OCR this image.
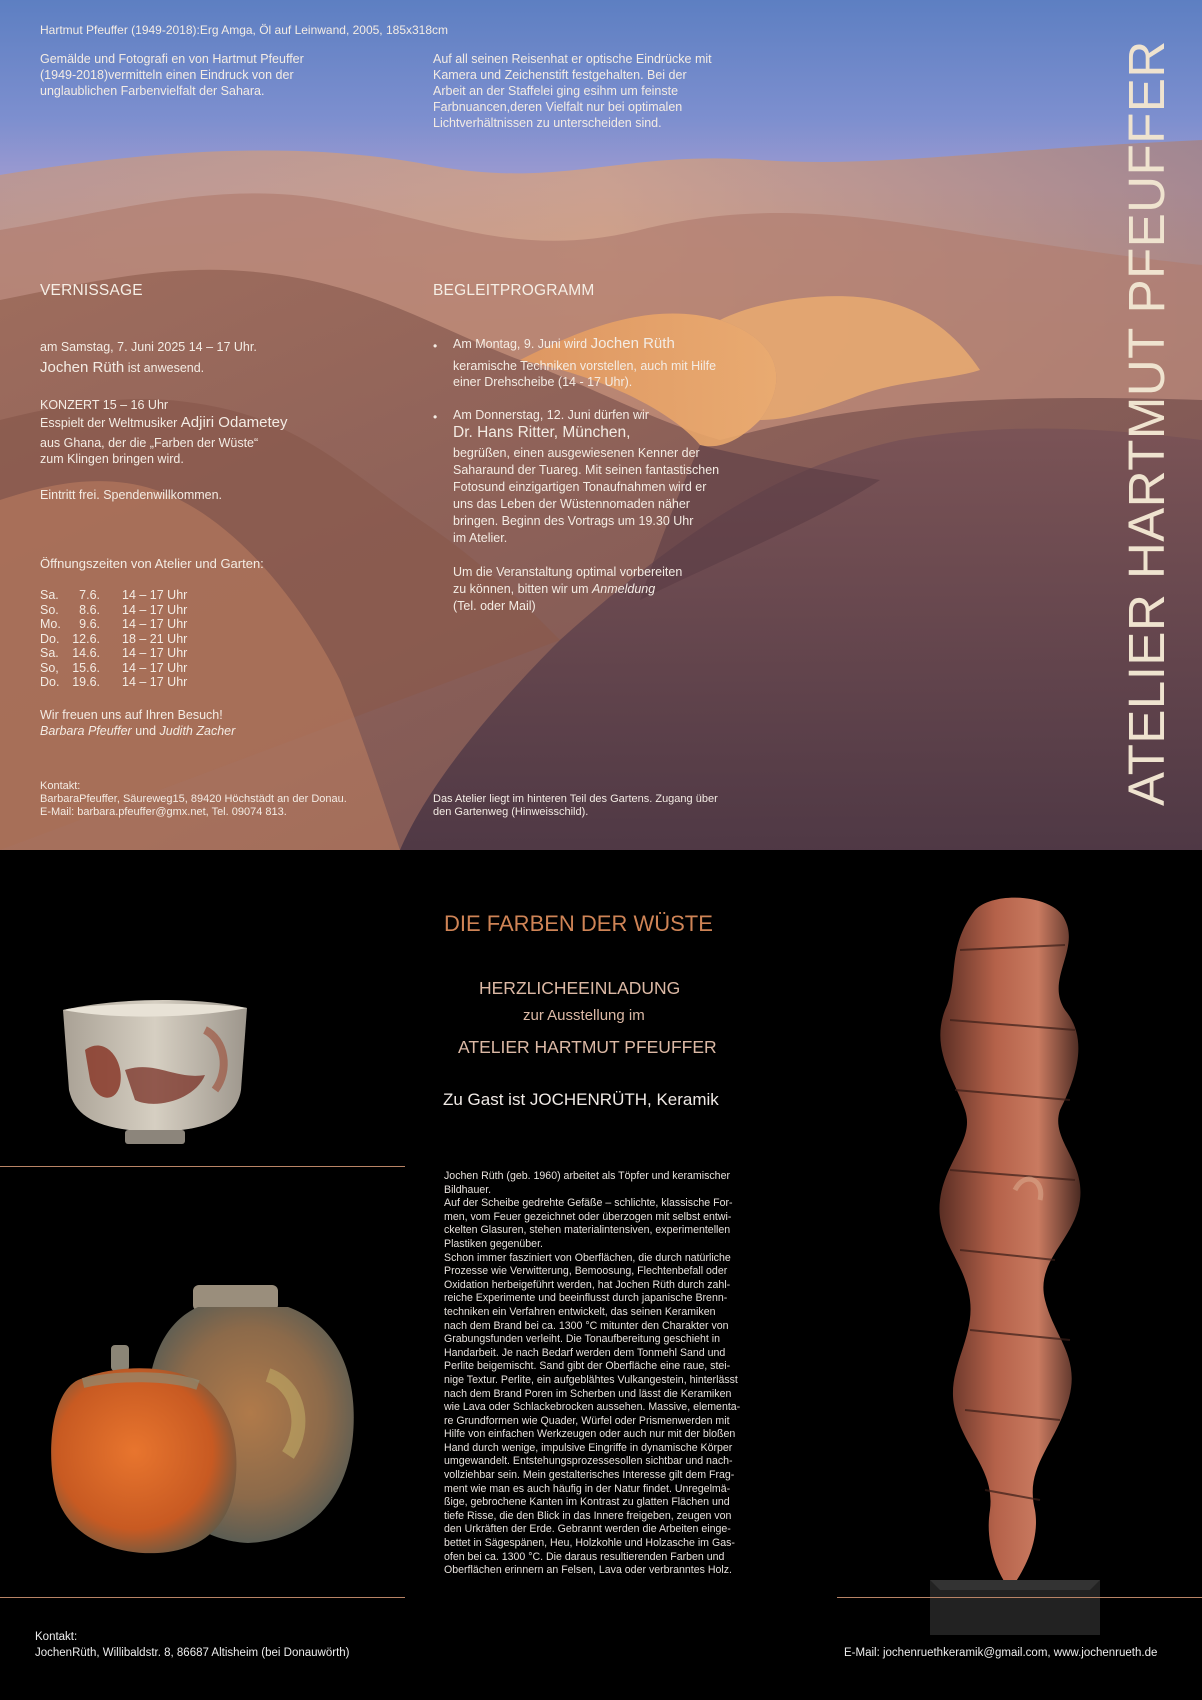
Hartmut Pfeuffer (1949-2018):Erg Amga, Öl auf Leinwand, 2005, 185x318cm
Gemälde und Fotografi en von Hartmut Pfeuffer
(1949-2018)vermitteln einen Eindruck von der
unglaublichen Farbenvielfalt der Sahara.
Auf all seinen Reisenhat er optische Eindrücke mit
Kamera und Zeichenstift festgehalten. Bei der
Arbeit an der Staffelei ging esihm um feinste
Farbnuancen,deren Vielfalt nur bei optimalen
Lichtverhältnissen zu unterscheiden sind.
VERNISSAGE
am Samstag, 7. Juni 2025 14 – 17 Uhr.
Jochen Rüth ist anwesend.
KONZERT 15 – 16 Uhr
Esspielt der Weltmusiker Adjiri Odametey
aus Ghana, der die „Farben der Wüste“
zum Klingen bringen wird.
Eintritt frei. Spendenwillkommen.
Öffnungszeiten von Atelier und Garten:
Sa.	7.6.	14 – 17 Uhr
So.	8.6.	14 – 17 Uhr
Mo.	9.6.	14 – 17 Uhr
Do.	12.6.	18 – 21 Uhr
Sa.	14.6.	14 – 17 Uhr
So,	15.6.	14 – 17 Uhr
Do.	19.6.	14 – 17 Uhr
Wir freuen uns auf Ihren Besuch!
Barbara Pfeuffer und Judith Zacher
Kontakt:
BarbaraPfeuffer, Säureweg15, 89420 Höchstädt an der Donau.
E-Mail: barbara.pfeuffer@gmx.net, Tel. 09074 813.
BEGLEITPROGRAMM
• Am Montag, 9. Juni wird Jochen Rüth
keramische Techniken vorstellen, auch mit Hilfe
einer Drehscheibe (14 - 17 Uhr).
• Am Donnerstag, 12. Juni dürfen wir
Dr. Hans Ritter, München,
begrüßen, einen ausgewiesenen Kenner der
Saharaund der Tuareg. Mit seinen fantastischen
Fotosund einzigartigen Tonaufnahmen wird er
uns das Leben der Wüstennomaden näher
bringen. Beginn des Vortrags um 19.30 Uhr
im Atelier.
Um die Veranstaltung optimal vorbereiten
zu können, bitten wir um Anmeldung
(Tel. oder Mail)
Das Atelier liegt im hinteren Teil des Gartens. Zugang über
den Gartenweg (Hinweisschild).
ATELIER HARTMUT PFEUFFER
DIE FARBEN DER WÜSTE
HERZLICHEEINLADUNG
zur Ausstellung im
ATELIER HARTMUT PFEUFFER
Zu Gast ist JOCHENRÜTH, Keramik

Jochen Rüth (geb. 1960) arbeitet als Töpfer und keramischer

Bildhauer.

Auf der Scheibe gedrehte Gefäße – schlichte, klassische For-

men, vom Feuer gezeichnet oder überzogen mit selbst entwi-

ckelten Glasuren, stehen materialintensiven, experimentellen

Plastiken gegenüber.

Schon immer fasziniert von Oberflächen, die durch natürliche

Prozesse wie Verwitterung, Bemoosung, Flechtenbefall oder

Oxidation herbeigeführt werden, hat Jochen Rüth durch zahl-

reiche Experimente und beeinflusst durch japanische Brenn-

techniken ein Verfahren entwickelt, das seinen Keramiken

nach dem Brand bei ca. 1300 °C mitunter den Charakter von

Grabungsfunden verleiht. Die Tonaufbereitung geschieht in

Handarbeit. Je nach Bedarf werden dem Tonmehl Sand und

Perlite beigemischt. Sand gibt der Oberfläche eine raue, stei-

nige Textur. Perlite, ein aufgeblähtes Vulkangestein, hinterlässt

nach dem Brand Poren im Scherben und lässt die Keramiken

wie Lava oder Schlackebrocken aussehen. Massive, elementa-

re Grundformen wie Quader, Würfel oder Prismenwerden mit

Hilfe von einfachen Werkzeugen oder auch nur mit der bloßen

Hand durch wenige, impulsive Eingriffe in dynamische Körper

umgewandelt. Entstehungsprozessesollen sichtbar und nach-

vollziehbar sein. Mein gestalterisches Interesse gilt dem Frag-

ment wie man es auch häufig in der Natur findet. Unregelmä-

ßige, gebrochene Kanten im Kontrast zu glatten Flächen und

tiefe Risse, die den Blick in das Innere freigeben, zeugen von

den Urkräften der Erde. Gebrannt werden die Arbeiten einge-

bettet in Sägespänen, Heu, Holzkohle und Holzasche im Gas-

ofen bei ca. 1300 °C. Die daraus resultierenden Farben und

Oberflächen erinnern an Felsen, Lava oder verbranntes Holz.

Kontakt:
JochenRüth, Willibaldstr. 8, 86687 Altisheim (bei Donauwörth)	E-Mail: jochenruethkeramik@gmail.com, www.jochenrueth.de
